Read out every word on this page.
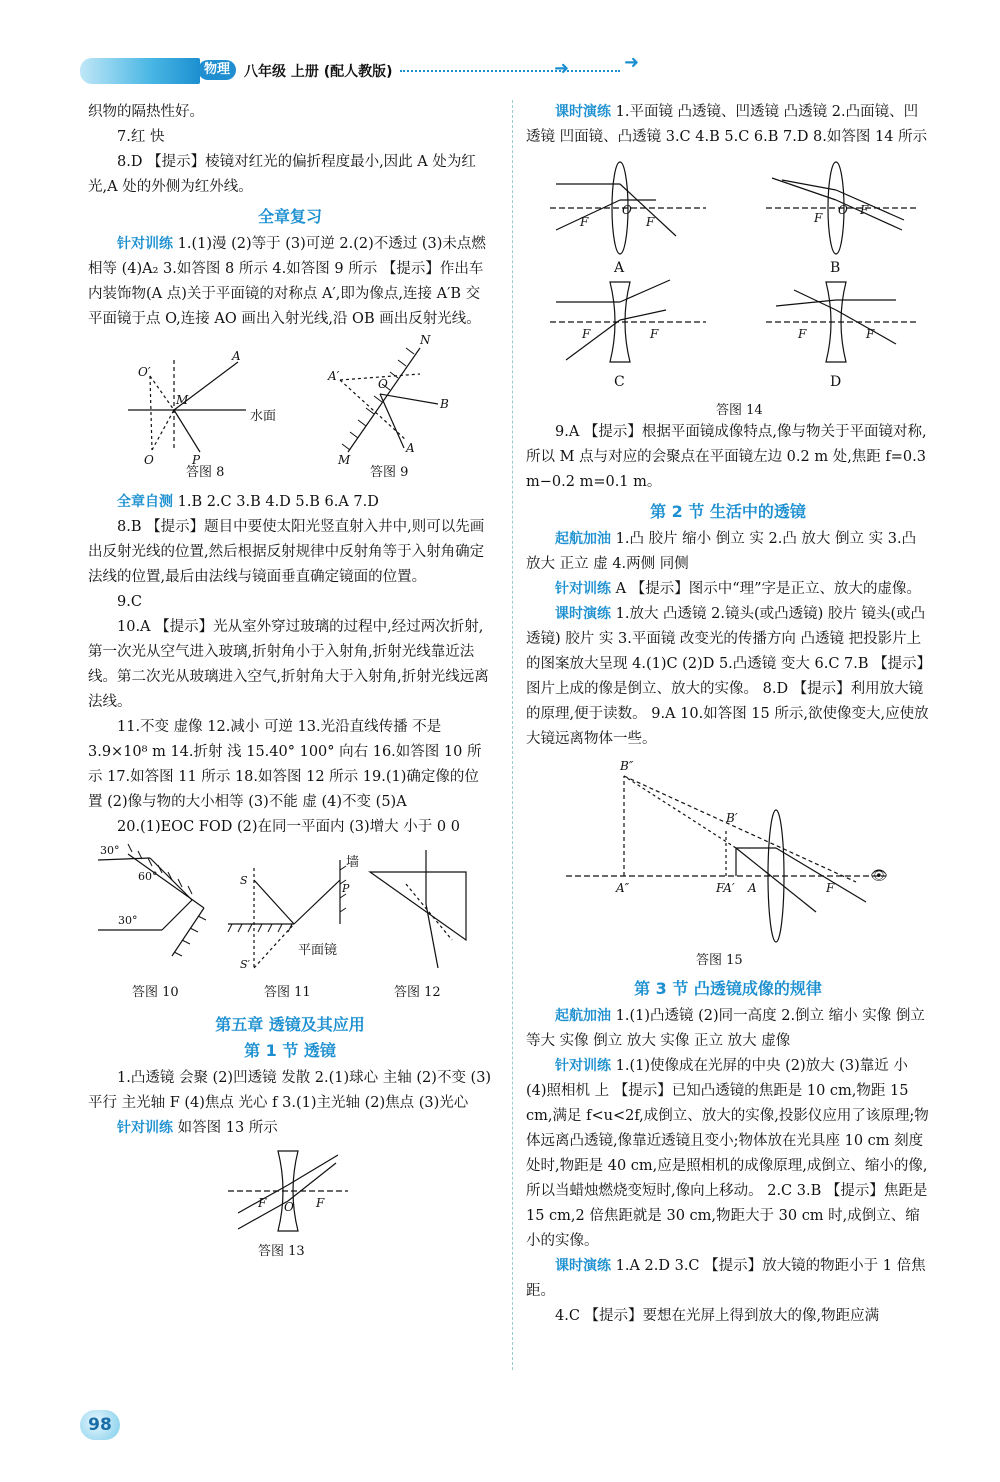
物理	八年级 上册 (配人教版)	➜	➜

织物的隔热性好。

7.红 快

8.D 【提示】棱镜对红光的偏折程度最小,因此 A 处为红光,A 处的外侧为红外线。

全章复习

针对训练 1.(1)漫 (2)等于 (3)可逆 2.(2)不透过 (3)未点燃 相等 (4)A₂ 3.如答图 8 所示 4.如答图 9 所示 【提示】作出车内装饰物(A 点)关于平面镜的对称点 A′,即为像点,连接 A′B 交平面镜于点 O,连接 AO 画出入射光线,沿 OB 画出反射光线。

O′
A
M
O	P
A′
O
B
A
N
M
水面
答图 8	答图 9

全章自测 1.B 2.C 3.B 4.D 5.B 6.A 7.D

8.B 【提示】题目中要使太阳光竖直射入井中,则可以先画出反射光线的位置,然后根据反射规律中反射角等于入射角确定法线的位置,最后由法线与镜面垂直确定镜面的位置。

9.C

10.A 【提示】光从室外穿过玻璃的过程中,经过两次折射,第一次光从空气进入玻璃,折射角小于入射角,折射光线靠近法线。第二次光从玻璃进入空气,折射角大于入射角,折射光线远离法线。

11.不变 虚像 12.减小 可逆 13.光沿直线传播 不是 3.9×10⁸ m 14.折射 浅 15.40° 100° 向右 16.如答图 10 所示 17.如答图 11 所示 18.如答图 12 所示 19.(1)确定像的位置 (2)像与物的大小相等 (3)不能 虚 (4)不变 (5)A

20.(1)EOC FOD (2)在同一平面内 (3)增大 小于 0 0

30°
60°
30°
S
S′
P
墙
平面镜
答图 10	答图 11	答图 12

第五章 透镜及其应用

第 1 节 透镜

1.凸透镜 会聚 (2)凹透镜 发散 2.(1)球心 主轴 (2)不变 (3)平行 主光轴 F (4)焦点 光心 f 3.(1)主光轴 (2)焦点 (3)光心

针对训练 如答图 13 所示

F	F
O
答图 13

课时演练 1.平面镜 凸透镜、凹透镜 凸透镜 2.凸面镜、凹透镜 凹面镜、凸透镜 3.C 4.B 5.C 6.B 7.D 8.如答图 14 所示

F	F
O
F
F
O
F	F	F	F
A	B
C	D
答图 14

9.A 【提示】根据平面镜成像特点,像与物关于平面镜对称,所以 M 点与对应的会聚点在平面镜左边 0.2 m 处,焦距 f=0.3 m−0.2 m=0.1 m。

第 2 节 生活中的透镜

起航加油 1.凸 胶片 缩小 倒立 实 2.凸 放大 倒立 实 3.凸 放大 正立 虚 4.两侧 同侧

针对训练 A 【提示】图示中“理”字是正立、放大的虚像。

课时演练 1.放大 凸透镜 2.镜头(或凸透镜) 胶片 镜头(或凸透镜) 胶片 实 3.平面镜 改变光的传播方向 凸透镜 把投影片上的图案放大呈现 4.(1)C (2)D 5.凸透镜 变大 6.C 7.B 【提示】图片上成的像是倒立、放大的实像。 8.D 【提示】利用放大镜的原理,便于读数。 9.A 10.如答图 15 所示,欲使像变大,应使放大镜远离物体一些。

B″
A″
B′
FA′ A	F
👁
答图 15

第 3 节 凸透镜成像的规律

起航加油 1.(1)凸透镜 (2)同一高度 2.倒立 缩小 实像 倒立 等大 实像 倒立 放大 实像 正立 放大 虚像

针对训练 1.(1)使像成在光屏的中央 (2)放大 (3)靠近 小 (4)照相机 上 【提示】已知凸透镜的焦距是 10 cm,物距 15 cm,满足 f<u<2f,成倒立、放大的实像,投影仪应用了该原理;物体远离凸透镜,像靠近透镜且变小;物体放在光具座 10 cm 刻度处时,物距是 40 cm,应是照相机的成像原理,成倒立、缩小的像,所以当蜡烛燃烧变短时,像向上移动。 2.C 3.B 【提示】焦距是 15 cm,2 倍焦距就是 30 cm,物距大于 30 cm 时,成倒立、缩小的实像。

课时演练 1.A 2.D 3.C 【提示】放大镜的物距小于 1 倍焦距。

4.C 【提示】要想在光屏上得到放大的像,物距应满

98
